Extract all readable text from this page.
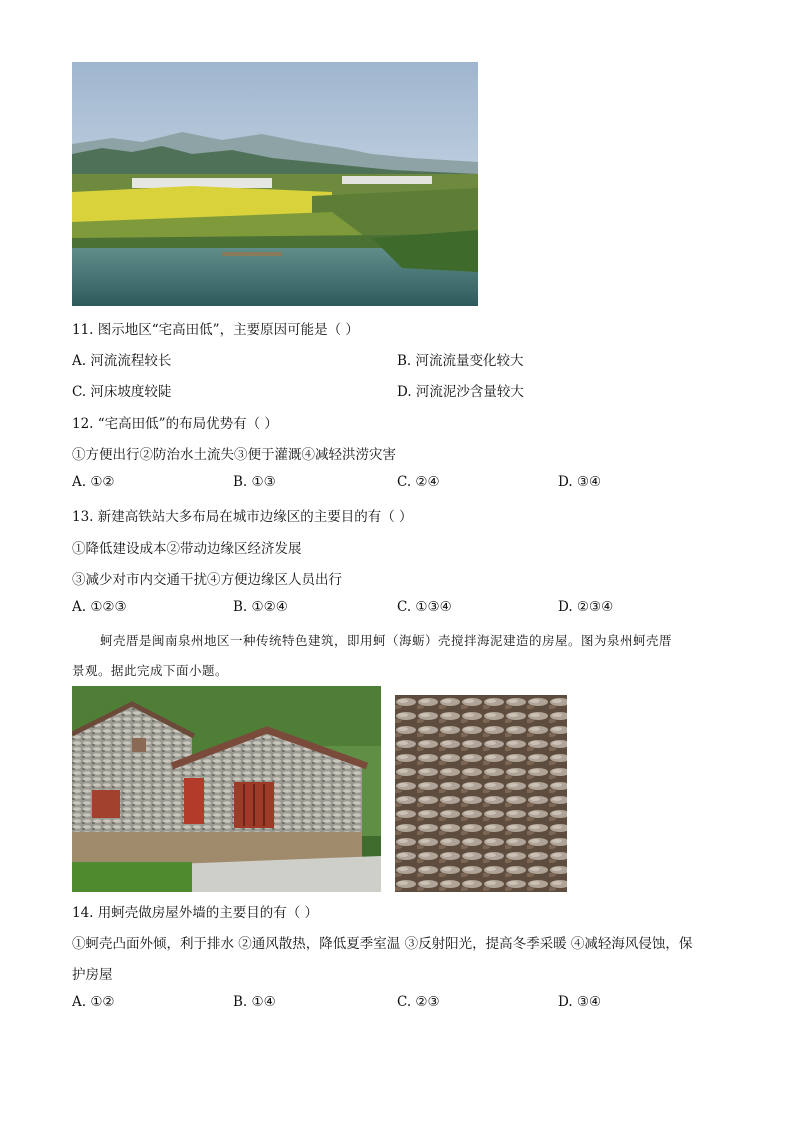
11. 图示地区“宅高田低”，主要原因可能是（ ）
A. 河流流程较长	B. 河流流量变化较大
C. 河床坡度较陡	D. 河流泥沙含量较大
12. “宅高田低”的布局优势有（ ）
①方便出行②防治水土流失③便于灌溉④减轻洪涝灾害
A. ①②	B. ①③	C. ②④	D. ③④
13. 新建高铁站大多布局在城市边缘区的主要目的有（ ）
①降低建设成本②带动边缘区经济发展
③减少对市内交通干扰④方便边缘区人员出行
A. ①②③	B. ①②④	C. ①③④	D. ②③④
蚵壳厝是闽南泉州地区一种传统特色建筑，即用蚵（海蛎）壳搅拌海泥建造的房屋。图为泉州蚵壳厝
景观。据此完成下面小题。
14. 用蚵壳做房屋外墙的主要目的有（ ）
①蚵壳凸面外倾，利于排水 ②通风散热，降低夏季室温 ③反射阳光，提高冬季采暖 ④减轻海风侵蚀，保
护房屋
A. ①②	B. ①④	C. ②③	D. ③④
